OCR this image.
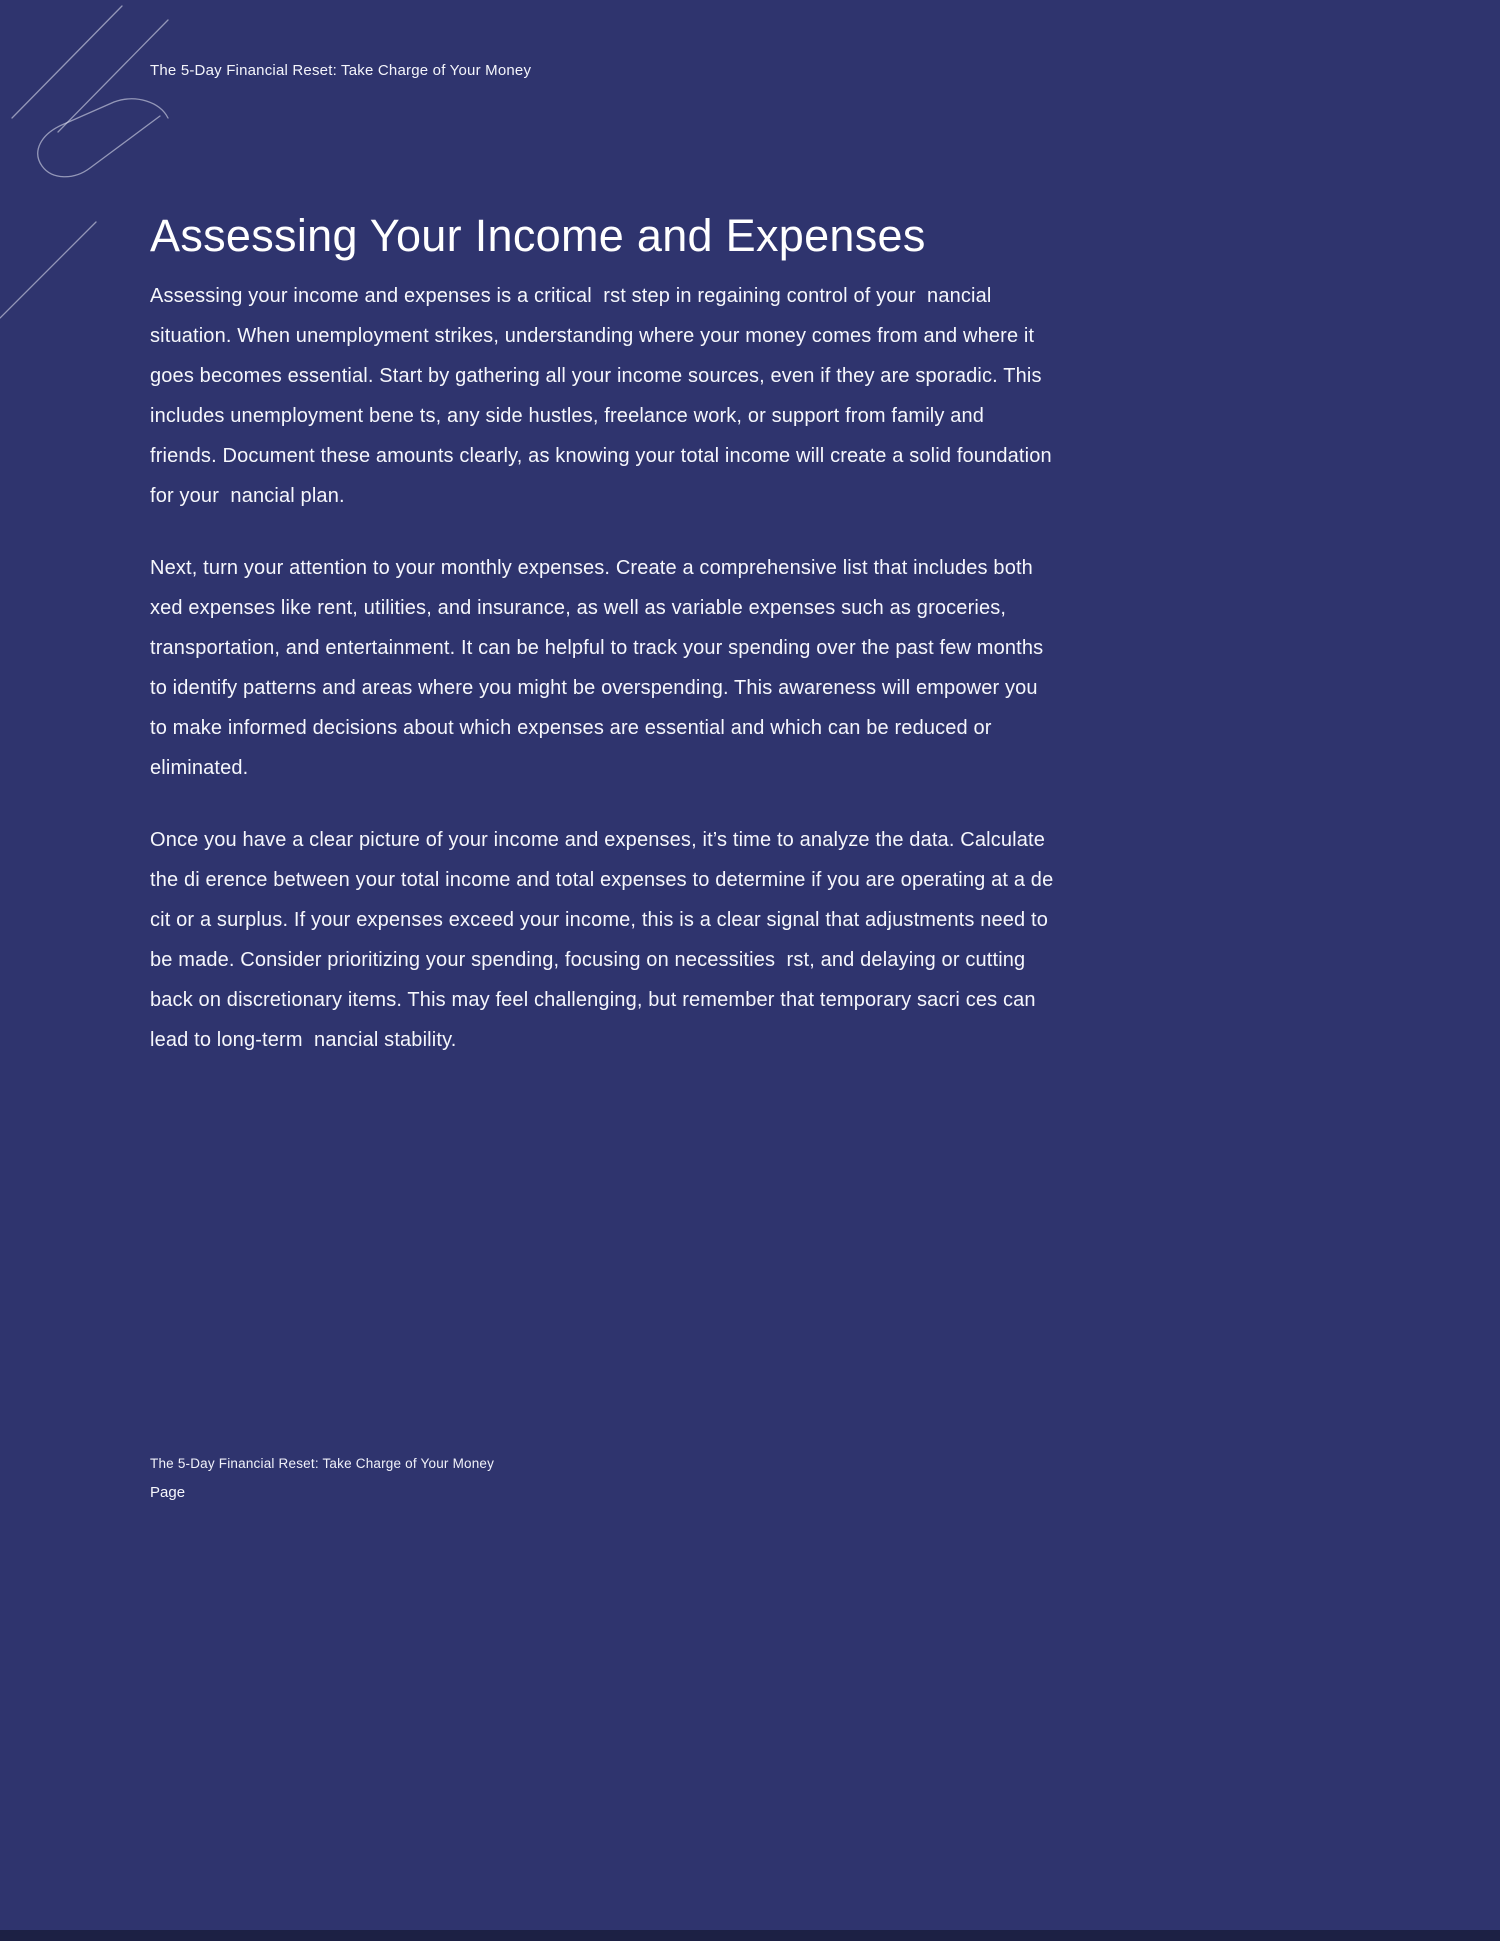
The 5-Day Financial Reset: Take Charge of Your Money
Assessing Your Income and Expenses

Assessing your income and expenses is a critical  rst step in regaining control of your  nancial situation. When unemployment strikes, understanding where your money comes from and where it goes becomes essential. Start by gathering all your income sources, even if they are sporadic. This includes unemployment bene ts, any side hustles, freelance work, or support from family and friends. Document these amounts clearly, as knowing your total income will create a solid foundation for your  nancial plan.

Next, turn your attention to your monthly expenses. Create a comprehensive list that includes both  xed expenses like rent, utilities, and insurance, as well as variable expenses such as groceries, transportation, and entertainment. It can be helpful to track your spending over the past few months to identify patterns and areas where you might be overspending. This awareness will empower you to make informed decisions about which expenses are essential and which can be reduced or eliminated.

Once you have a clear picture of your income and expenses, it’s time to analyze the data. Calculate the di erence between your total income and total expenses to determine if you are operating at a de cit or a surplus. If your expenses exceed your income, this is a clear signal that adjustments need to be made. Consider prioritizing your spending, focusing on necessities  rst, and delaying or cutting back on discretionary items. This may feel challenging, but remember that temporary sacri ces can lead to long-term  nancial stability.

The 5-Day Financial Reset: Take Charge of Your Money
Page
